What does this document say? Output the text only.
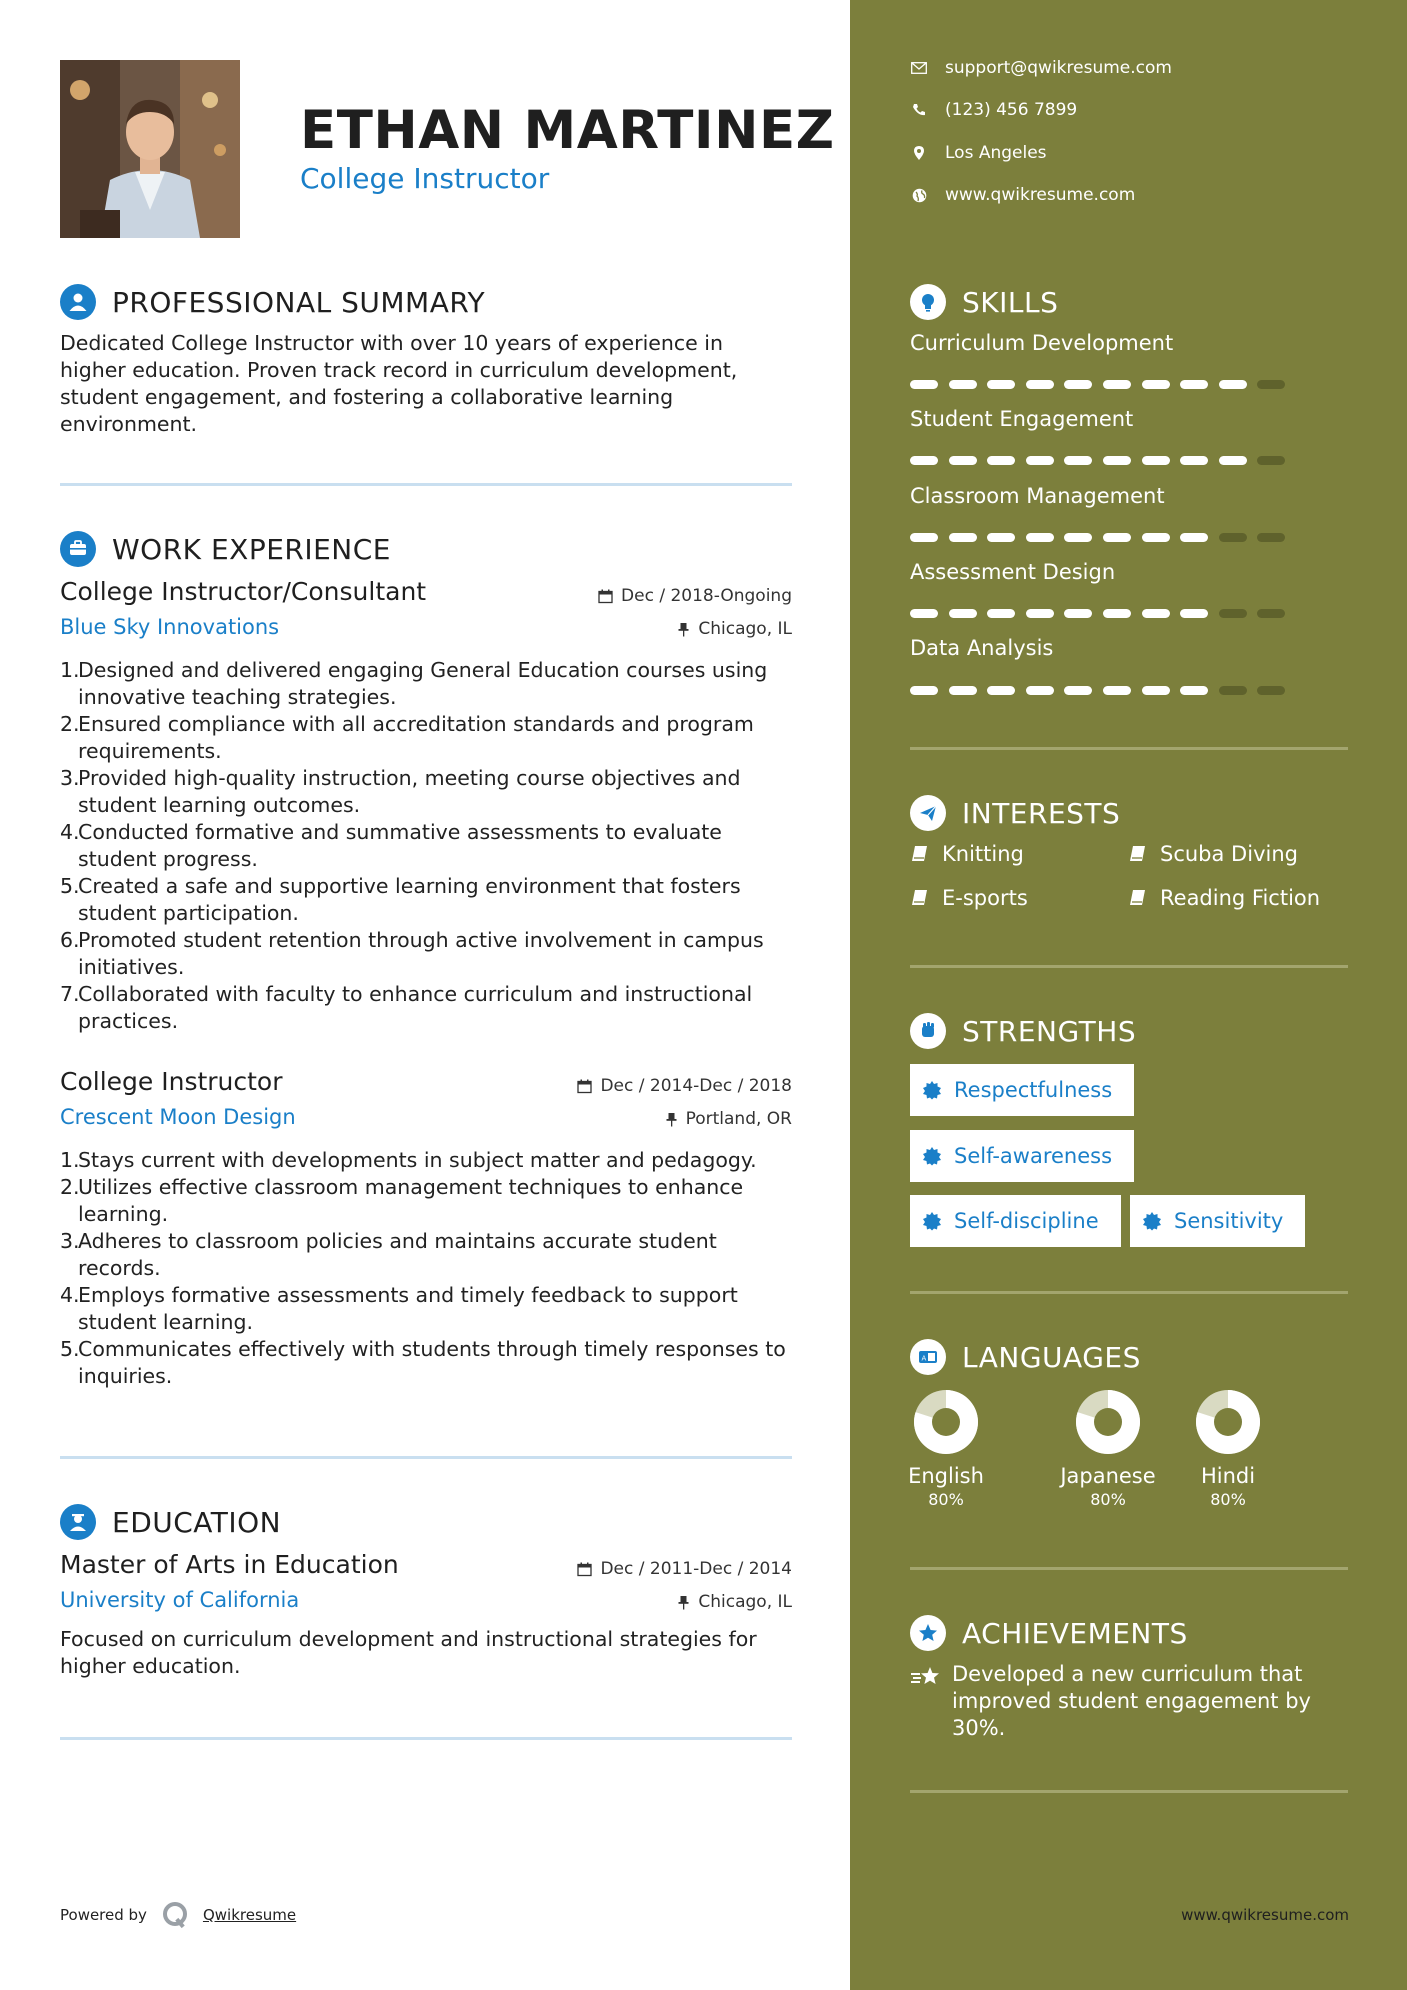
ETHAN MARTINEZ
College Instructor
PROFESSIONAL SUMMARY
Dedicated College Instructor with over 10 years of experience in higher education. Proven track record in curriculum development, student engagement, and fostering a collaborative learning environment.
WORK EXPERIENCE
College Instructor/Consultant	Dec / 2018-Ongoing
Blue Sky Innovations	Chicago, IL
1.
Designed and delivered engaging General Education courses using innovative teaching strategies.
2.
Ensured compliance with all accreditation standards and program requirements.
3.
Provided high-quality instruction, meeting course objectives and student learning outcomes.
4.
Conducted formative and summative assessments to evaluate student progress.
5.
Created a safe and supportive learning environment that fosters student participation.
6.
Promoted student retention through active involvement in campus initiatives.
7.
Collaborated with faculty to enhance curriculum and instructional practices.
College Instructor	Dec / 2014-Dec / 2018
Crescent Moon Design	Portland, OR
1.
Stays current with developments in subject matter and pedagogy.
2.
Utilizes effective classroom management techniques to enhance learning.
3.
Adheres to classroom policies and maintains accurate student records.
4.
Employs formative assessments and timely feedback to support student learning.
5.
Communicates effectively with students through timely responses to inquiries.
EDUCATION
Master of Arts in Education	Dec / 2011-Dec / 2014
University of California	Chicago, IL
Focused on curriculum development and instructional strategies for higher education.
Powered by	Qwikresume
support@qwikresume.com
(123) 456 7899
Los Angeles
www.qwikresume.com
SKILLS
Curriculum Development
Student Engagement
Classroom Management
Assessment Design
Data Analysis
INTERESTS
Knitting	Scuba Diving
E-sports	Reading Fiction
STRENGTHS
Respectfulness
Self-awareness
Self-discipline	Sensitivity
A LANGUAGES
English
80%
Japanese
80%
Hindi
80%
ACHIEVEMENTS
Developed a new curriculum that improved student engagement by 30%.
www.qwikresume.com
